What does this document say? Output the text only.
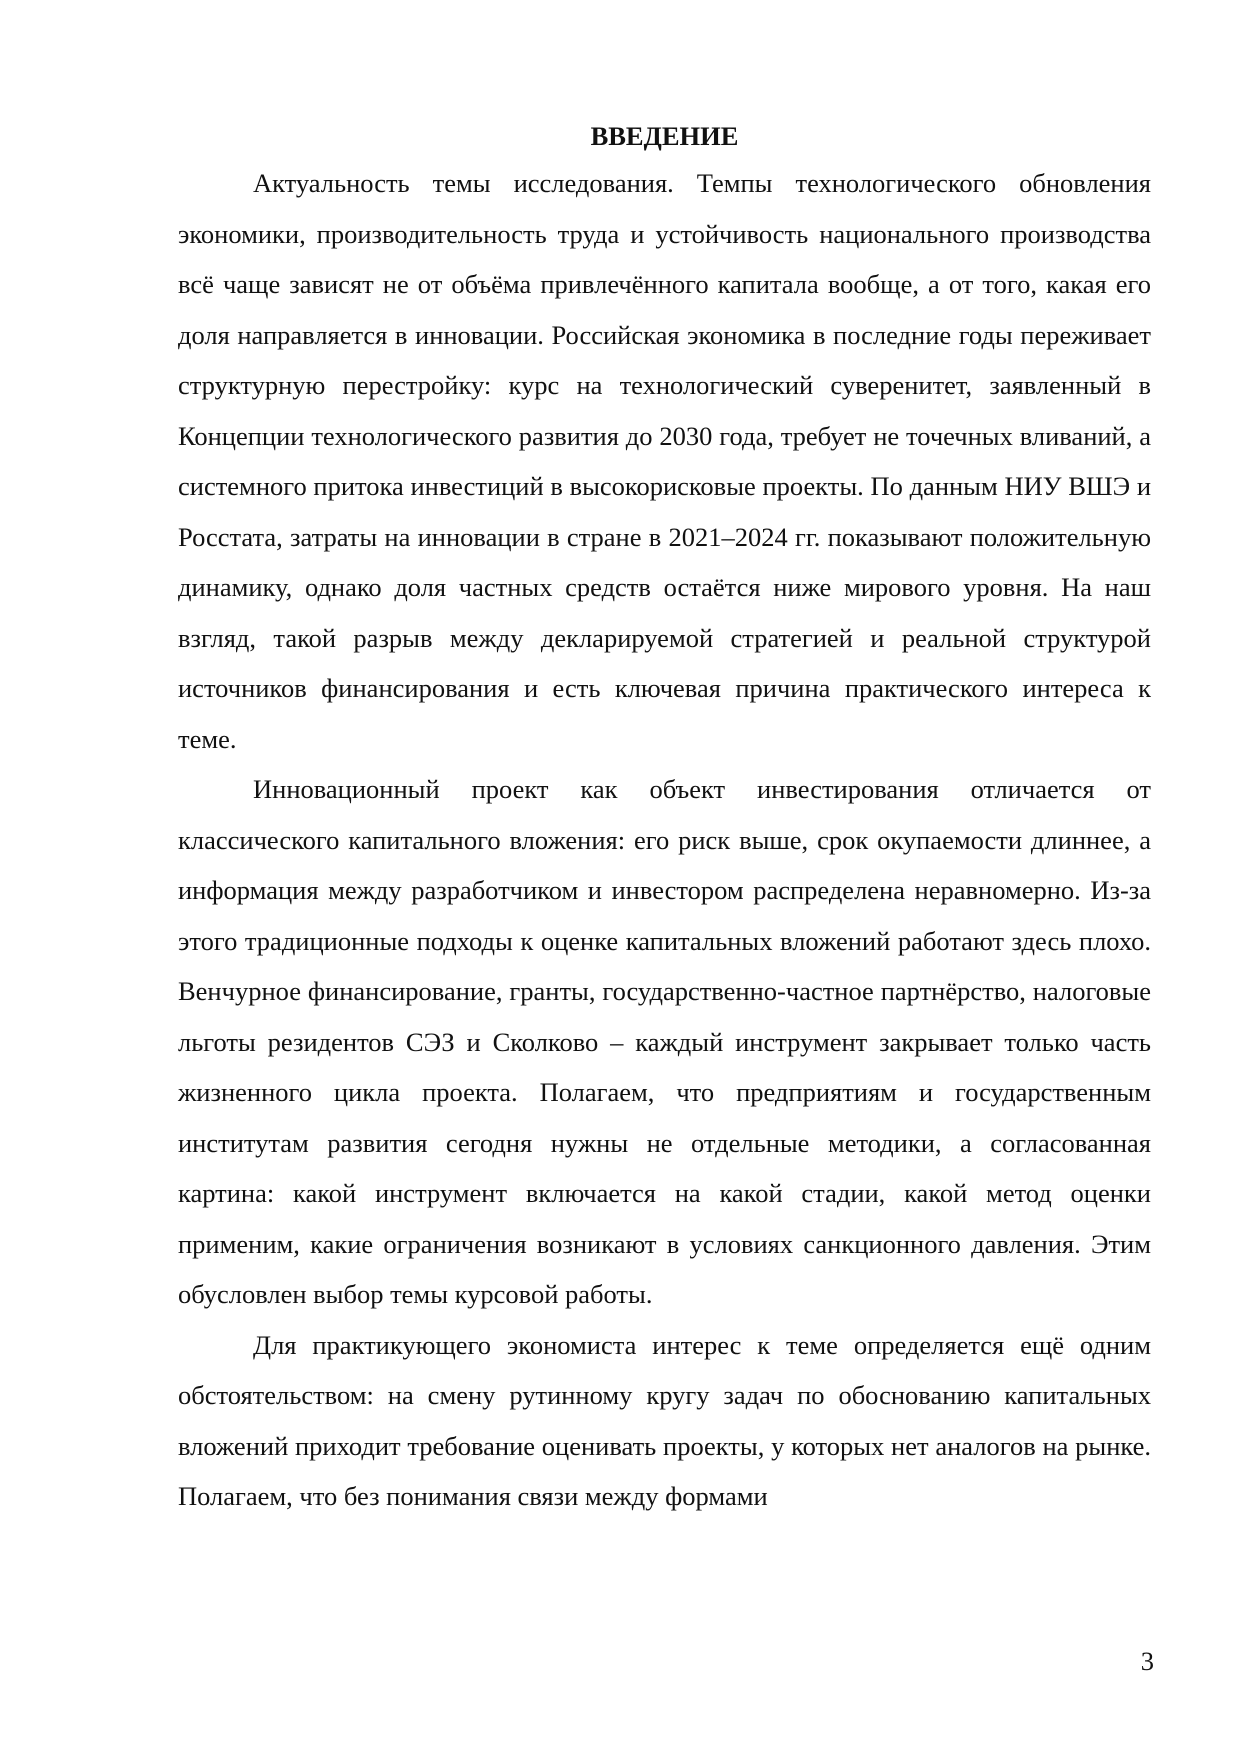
ВВЕДЕНИЕ

Актуальность темы исследования. Темпы технологического обновления экономики, производительность труда и устойчивость национального производства всё чаще зависят не от объёма привлечённого капитала вообще, а от того, какая его доля направляется в инновации. Российская экономика в последние годы переживает структурную перестройку: курс на технологический суверенитет, заявленный в Концепции технологического развития до 2030 года, требует не точечных вливаний, а системного притока инвестиций в высокорисковые проекты. По данным НИУ ВШЭ и Росстата, затраты на инновации в стране в 2021–2024 гг. показывают положительную динамику, однако доля частных средств остаётся ниже мирового уровня. На наш взгляд, такой разрыв между декларируемой стратегией и реальной структурой источников финансирования и есть ключевая причина практического интереса к теме.

Инновационный проект как объект инвестирования отличается от классического капитального вложения: его риск выше, срок окупаемости длиннее, а информация между разработчиком и инвестором распределена неравномерно. Из-за этого традиционные подходы к оценке капитальных вложений работают здесь плохо. Венчурное финансирование, гранты, государственно-частное партнёрство, налоговые льготы резидентов СЭЗ и Сколково – каждый инструмент закрывает только часть жизненного цикла проекта. Полагаем, что предприятиям и государственным институтам развития сегодня нужны не отдельные методики, а согласованная картина: какой инструмент включается на какой стадии, какой метод оценки применим, какие ограничения возникают в условиях санкционного давления. Этим обусловлен выбор темы курсовой работы.

Для практикующего экономиста интерес к теме определяется ещё одним обстоятельством: на смену рутинному кругу задач по обоснованию капитальных вложений приходит требование оценивать проекты, у которых нет аналогов на рынке. Полагаем, что без понимания связи между формами

3
